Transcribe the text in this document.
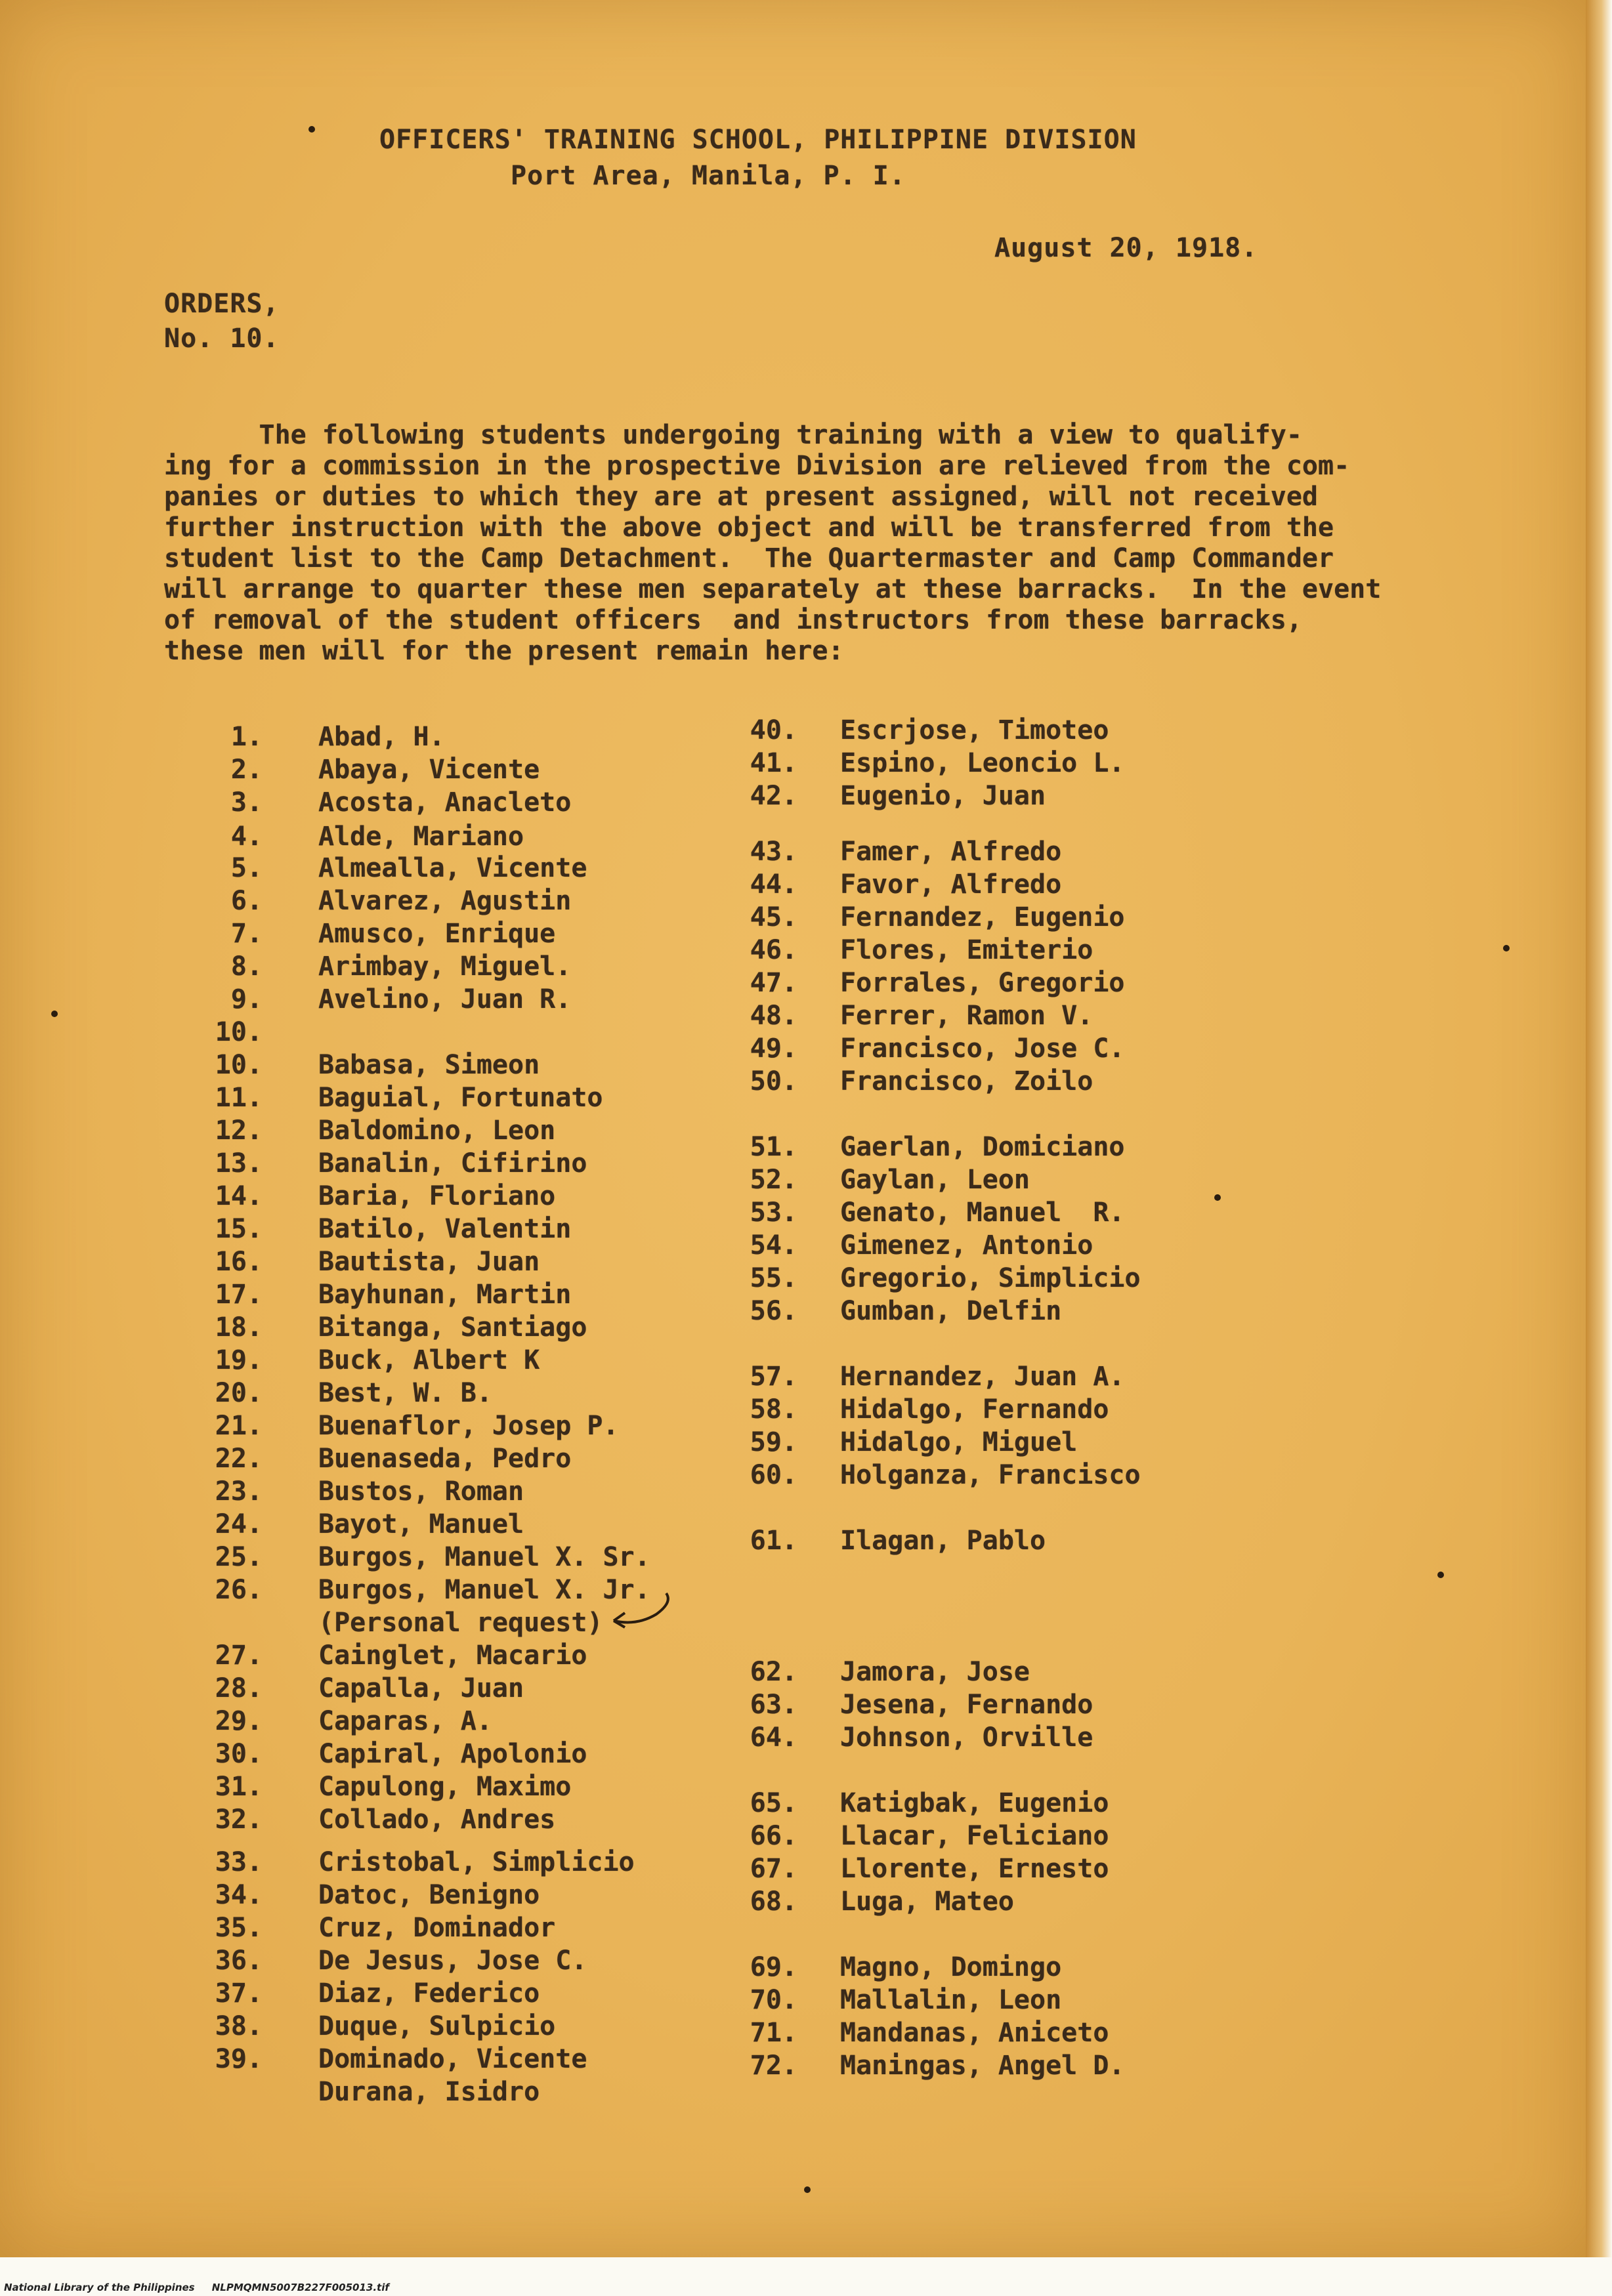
OFFICERS' TRAINING SCHOOL, PHILIPPINE DIVISION
Port Area, Manila, P. I.
August 20, 1918.
ORDERS,
No. 10.
The following students undergoing training with a view to qualify-
ing for a commission in the prospective Division are relieved from the com-
panies or duties to which they are at present assigned, will not received
further instruction with the above object and will be transferred from the
student list to the Camp Detachment.  The Quartermaster and Camp Commander
will arrange to quarter these men separately at these barracks.  In the event
of removal of the student officers  and instructors from these barracks,
these men will for the present remain here:
National Library of the Philippines     NLPMQMN5007B227F005013.tif
1. Abad, H.
2. Abaya, Vicente
3. Acosta, Anacleto
4. Alde, Mariano
5. Almealla, Vicente
6. Alvarez, Agustin
7. Amusco, Enrique
8. Arimbay, Miguel.
9. Avelino, Juan R.
10.
10. Babasa, Simeon
11. Baguial, Fortunato
12. Baldomino, Leon
13. Banalin, Cifirino
14. Baria, Floriano
15. Batilo, Valentin
16. Bautista, Juan
17. Bayhunan, Martin
18. Bitanga, Santiago
19. Buck, Albert K
20. Best, W. B.
21. Buenaflor, Josep P.
22. Buenaseda, Pedro
23. Bustos, Roman
24. Bayot, Manuel
25. Burgos, Manuel X. Sr.
26. Burgos, Manuel X. Jr.
(Personal request)
27. Cainglet, Macario
28. Capalla, Juan
29. Caparas, A.
30. Capiral, Apolonio
31. Capulong, Maximo
32. Collado, Andres
33. Cristobal, Simplicio
34. Datoc, Benigno
35. Cruz, Dominador
36. De Jesus, Jose C.
37. Diaz, Federico
38. Duque, Sulpicio
39. Dominado, Vicente
Durana, Isidro
40. Escrjose, Timoteo
41. Espino, Leoncio L.
42. Eugenio, Juan
43. Famer, Alfredo
44. Favor, Alfredo
45. Fernandez, Eugenio
46. Flores, Emiterio
47. Forrales, Gregorio
48. Ferrer, Ramon V.
49. Francisco, Jose C.
50. Francisco, Zoilo
51. Gaerlan, Domiciano
52. Gaylan, Leon
53. Genato, Manuel  R.
54. Gimenez, Antonio
55. Gregorio, Simplicio
56. Gumban, Delfin
57. Hernandez, Juan A.
58. Hidalgo, Fernando
59. Hidalgo, Miguel
60. Holganza, Francisco
61. Ilagan, Pablo
62. Jamora, Jose
63. Jesena, Fernando
64. Johnson, Orville
65. Katigbak, Eugenio
66. Llacar, Feliciano
67. Llorente, Ernesto
68. Luga, Mateo
69. Magno, Domingo
70. Mallalin, Leon
71. Mandanas, Aniceto
72. Maningas, Angel D.
